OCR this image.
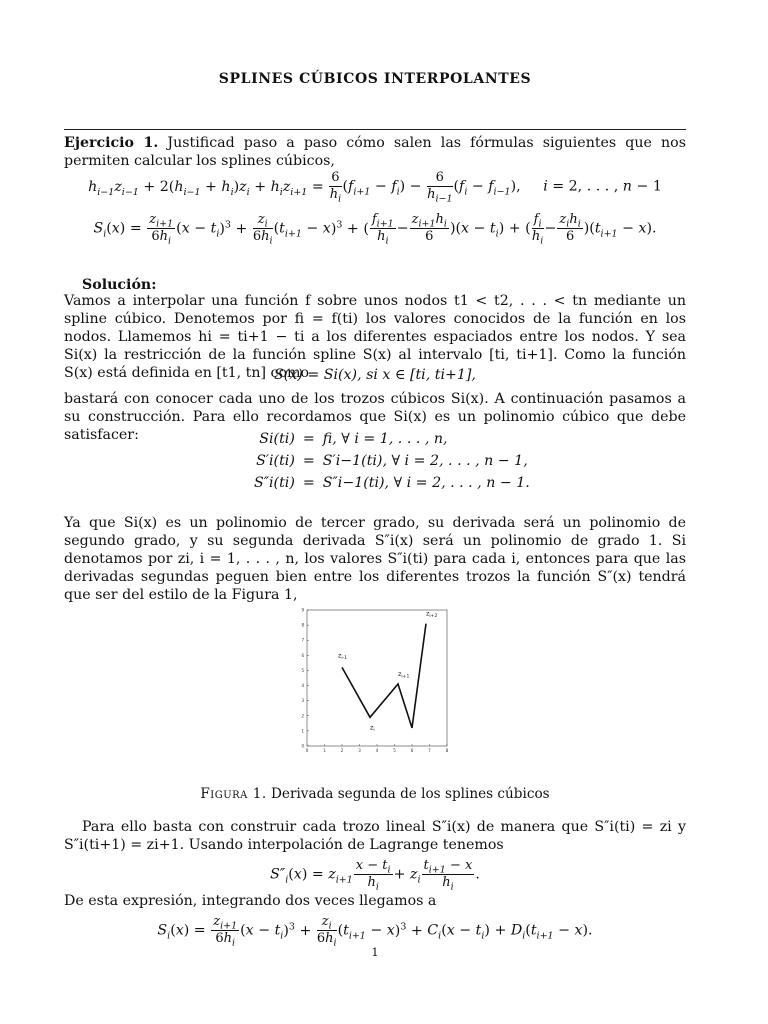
SPLINES CÚBICOS INTERPOLANTES
Ejercicio 1. Justificad paso a paso cómo salen las fórmulas siguientes que nos permiten calcular los splines cúbicos,
$h_{i-1}z_{i-1} + 2(h_{i-1} + h_i)z_i + h_iz_{i+1} = \frac{6}{h_i} (f_{i+1} - f_i) - \frac{6}{h_{i-1}} (f_i - f_{i-1})$, i = 2, . . . , n − 1
$S_i(x) = \frac{z_{i+1}}{6h_i} (x - t_i)^3 + \frac{z_i}{6h_i} (t_{i+1} - x)^3$ + ( $\frac{f_{i+1}}{h_i} - \frac{z_{i+1}h_i}{6} )(x - t_i)$ + ( $\frac{f_i}{h_i} - \frac{z_ih_i}{6} )(t_{i+1} - x)$.
Solución:
Vamos a interpolar una función f sobre unos nodos t1 < t2, . . . < tn mediante un spline cúbico. Denotemos por fi = f(ti) los valores conocidos de la función en los nodos. Llamemos hi = ti+1 − ti a los diferentes espaciados entre los nodos. Y sea Si(x) la restricción de la función spline S(x) al intervalo [ti, ti+1]. Como la función S(x) está definida en [t1, tn] como
S(x) = Si(x), si x ∈ [ti, ti+1],
bastará con conocer cada uno de los trozos cúbicos Si(x). A continuación pasamos a su construcción. Para ello recordamos que Si(x) es un polinomio cúbico que debe satisfacer:	Si(ti)	=	fi, ∀ i = 1, . . . , n,
S′i(ti)	=	S′i−1(ti), ∀ i = 2, . . . , n − 1,
S″i(ti)	=	S″i−1(ti), ∀ i = 2, . . . , n − 1.
Ya que Si(x) es un polinomio de tercer grado, su derivada será un polinomio de segundo grado, y su segunda derivada S″i(x) será un polinomio de grado 1. Si denotamos por zi, i = 1, . . . , n, los valores S″i(ti) para cada i, entonces para que las derivadas segundas peguen bien entre los diferentes trozos la función S″(x) tendrá que ser del estilo de la Figura 1,
0	1	2	3	4	5	6	7	8
0
1
2
3
4
5
6
7
8
9
$z_{i-1}$
$z_i$
$z_{i+1}$
$z_{i+2}$
Figura 1. Derivada segunda de los splines cúbicos
Para ello basta con construir cada trozo lineal S″i(x) de manera que S″i(ti) = zi y S″i(ti+1) = zi+1. Usando interpolación de Lagrange tenemos
$S''_i(x) = z_{i+1} \frac{x - t_i}{h_i} + z_i \frac{t_{i+1} - x}{h_i}$ .
De esta expresión, integrando dos veces llegamos a
$S_i(x) = \frac{z_{i+1}}{6h_i} (x - t_i)^3 + \frac{z_i}{6h_i} (t_{i+1} - x)^3 + C_i(x - t_i) + D_i(t_{i+1} - x)$.
1
